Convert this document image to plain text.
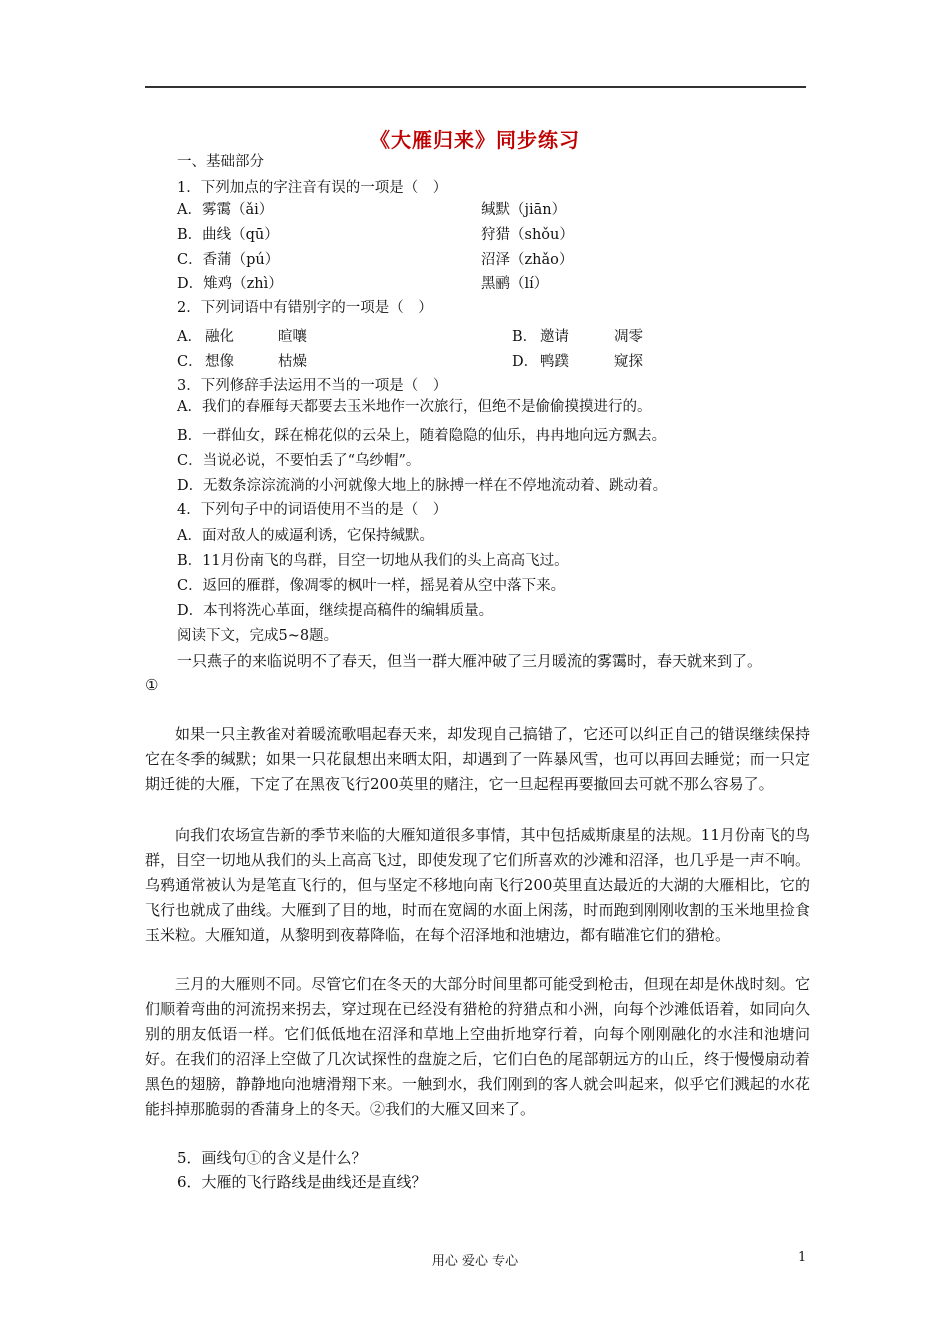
《大雁归来》同步练习
一、基础部分
1．下列加点的字注音有误的一项是（　）
A．雾霭（ǎi）	缄默（jiān）
B．曲线（qū）	狩猎（shǒu）
C．香蒲（pú）	沼泽（zhǎo）
D．雉鸡（zhì）	黑鹂（lí）
2．下列词语中有错别字的一项是（　）
A． 融化	暄嚷	B． 邀请	凋零
C． 想像	枯燥	D． 鸭蹼	窥探
3．下列修辞手法运用不当的一项是（　）
A．我们的春雁每天都要去玉米地作一次旅行，但绝不是偷偷摸摸进行的。
B．一群仙女，踩在棉花似的云朵上，随着隐隐的仙乐，冉冉地向远方飘去。
C．当说必说，不要怕丢了“乌纱帽”。
D．无数条淙淙流淌的小河就像大地上的脉搏一样在不停地流动着、跳动着。
4．下列句子中的词语使用不当的是（　）
A．面对敌人的威逼利诱，它保持缄默。
B．11月份南飞的鸟群，目空一切地从我们的头上高高飞过。
C．返回的雁群，像凋零的枫叶一样，摇晃着从空中落下来。
D．本刊将洗心革面，继续提高稿件的编辑质量。
阅读下文，完成5~8题。
一只燕子的来临说明不了春天，但当一群大雁冲破了三月暖流的雾霭时，春天就来到了。
①
如果一只主教雀对着暖流歌唱起春天来，却发现自己搞错了，它还可以纠正自己的错误继续保持它在冬季的缄默；如果一只花鼠想出来晒太阳，却遇到了一阵暴风雪，也可以再回去睡觉；而一只定期迁徙的大雁，下定了在黑夜飞行200英里的赌注，它一旦起程再要撤回去可就不那么容易了。
向我们农场宣告新的季节来临的大雁知道很多事情，其中包括威斯康星的法规。11月份南飞的鸟群，目空一切地从我们的头上高高飞过，即使发现了它们所喜欢的沙滩和沼泽，也几乎是一声不响。乌鸦通常被认为是笔直飞行的，但与坚定不移地向南飞行200英里直达最近的大湖的大雁相比，它的飞行也就成了曲线。大雁到了目的地，时而在宽阔的水面上闲荡，时而跑到刚刚收割的玉米地里捡食玉米粒。大雁知道，从黎明到夜幕降临，在每个沼泽地和池塘边，都有瞄准它们的猎枪。
三月的大雁则不同。尽管它们在冬天的大部分时间里都可能受到枪击，但现在却是休战时刻。它们顺着弯曲的河流拐来拐去，穿过现在已经没有猎枪的狩猎点和小洲，向每个沙滩低语着，如同向久别的朋友低语一样。它们低低地在沼泽和草地上空曲折地穿行着，向每个刚刚融化的水洼和池塘问好。在我们的沼泽上空做了几次试探性的盘旋之后，它们白色的尾部朝远方的山丘，终于慢慢扇动着黑色的翅膀，静静地向池塘滑翔下来。一触到水，我们刚到的客人就会叫起来，似乎它们溅起的水花能抖掉那脆弱的香蒲身上的冬天。②我们的大雁又回来了。
5．画线句①的含义是什么？
6．大雁的飞行路线是曲线还是直线？
用心 爱心 专心	1
